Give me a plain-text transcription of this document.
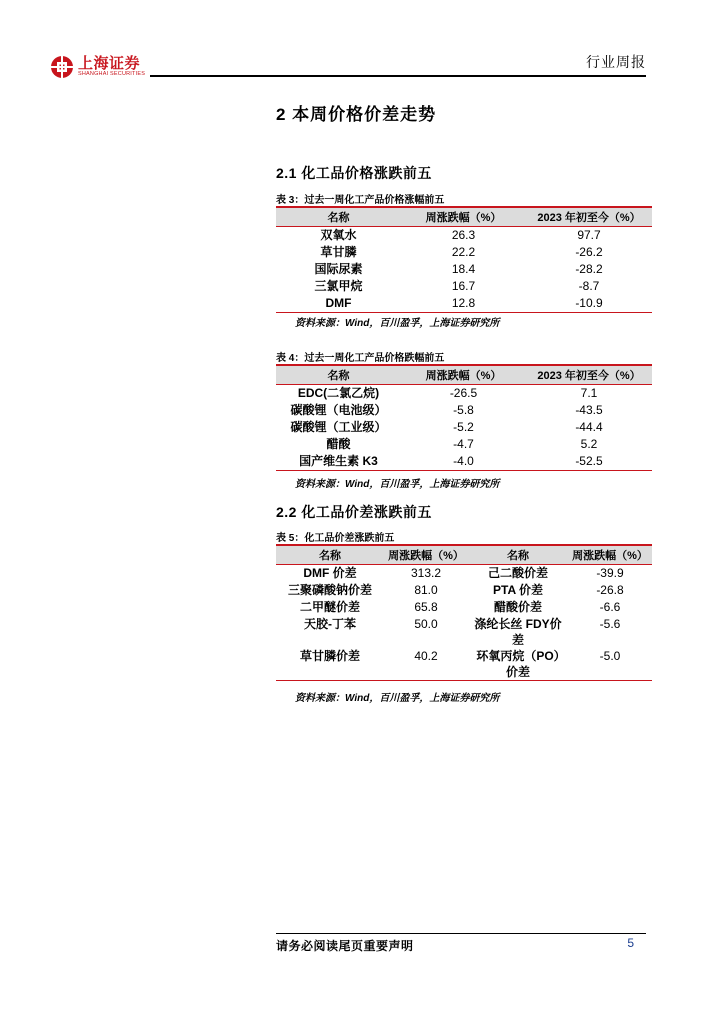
上海证券
SHANGHAI SECURITIES
行业周报
2 本周价格价差走势
2.1 化工品价格涨跌前五
表 3：过去一周化工产品价格涨幅前五
名称	周涨跌幅（%）	2023 年初至今（%）
双氧水	26.3	97.7
草甘膦	22.2	-26.2
国际尿素	18.4	-28.2
三氯甲烷	16.7	-8.7
DMF	12.8	-10.9
资料来源：Wind，百川盈孚，上海证券研究所
表 4：过去一周化工产品价格跌幅前五
名称	周涨跌幅（%）	2023 年初至今（%）
EDC(二氯乙烷)	-26.5	7.1
碳酸锂（电池级）	-5.8	-43.5
碳酸锂（工业级）	-5.2	-44.4
醋酸	-4.7	5.2
国产维生素 K3	-4.0	-52.5
资料来源：Wind，百川盈孚，上海证券研究所
2.2 化工品价差涨跌前五
表 5：化工品价差涨跌前五
名称	周涨跌幅（%）	名称	周涨跌幅（%）
DMF 价差	313.2	己二酸价差	-39.9
三聚磷酸钠价差	81.0	PTA 价差	-26.8
二甲醚价差	65.8	醋酸价差	-6.6
天胶-丁苯	50.0	涤纶长丝 FDY价差	-5.6
草甘膦价差	40.2	环氧丙烷（PO）价差	-5.0
资料来源：Wind，百川盈孚，上海证券研究所
请务必阅读尾页重要声明	5
